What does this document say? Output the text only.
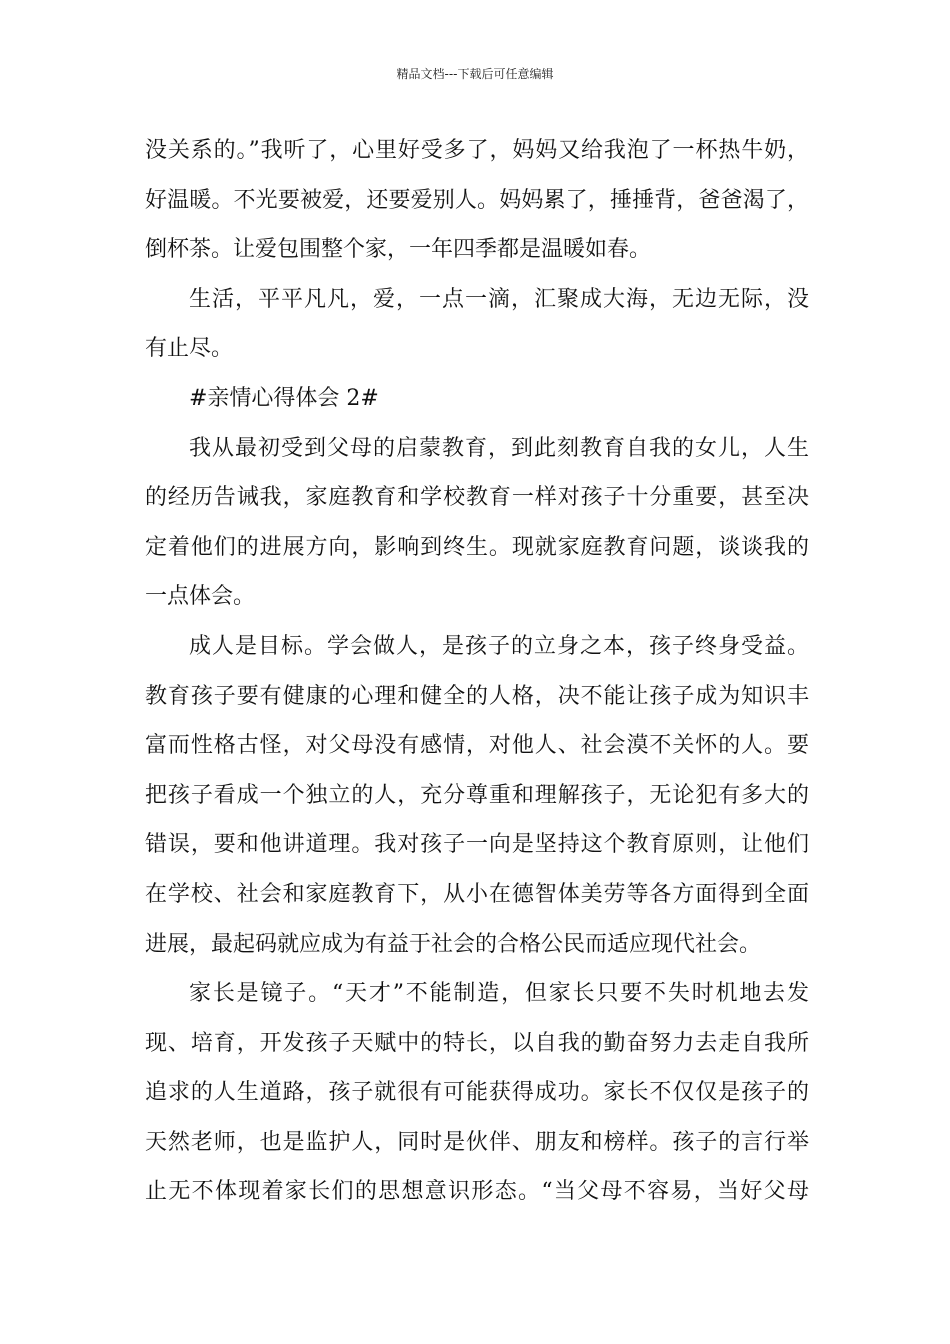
精品文档---下载后可任意编辑
没关系的。”我听了，心里好受多了，妈妈又给我泡了一杯热牛奶，
好温暖。不光要被爱，还要爱别人。妈妈累了，捶捶背，爸爸渴了，
倒杯茶。让爱包围整个家，一年四季都是温暖如春。
生活，平平凡凡，爱，一点一滴，汇聚成大海，无边无际，没
有止尽。
#亲情心得体会 2#
我从最初受到父母的启蒙教育，到此刻教育自我的女儿，人生
的经历告诫我，家庭教育和学校教育一样对孩子十分重要，甚至决
定着他们的进展方向，影响到终生。现就家庭教育问题，谈谈我的
一点体会。
成人是目标。学会做人，是孩子的立身之本，孩子终身受益。
教育孩子要有健康的心理和健全的人格，决不能让孩子成为知识丰
富而性格古怪，对父母没有感情，对他人、社会漠不关怀的人。要
把孩子看成一个独立的人，充分尊重和理解孩子，无论犯有多大的
错误，要和他讲道理。我对孩子一向是坚持这个教育原则，让他们
在学校、社会和家庭教育下，从小在德智体美劳等各方面得到全面
进展，最起码就应成为有益于社会的合格公民而适应现代社会。
家长是镜子。“天才”不能制造，但家长只要不失时机地去发
现、培育，开发孩子天赋中的特长，以自我的勤奋努力去走自我所
追求的人生道路，孩子就很有可能获得成功。家长不仅仅是孩子的
天然老师，也是监护人，同时是伙伴、朋友和榜样。孩子的言行举
止无不体现着家长们的思想意识形态。“当父母不容易，当好父母
